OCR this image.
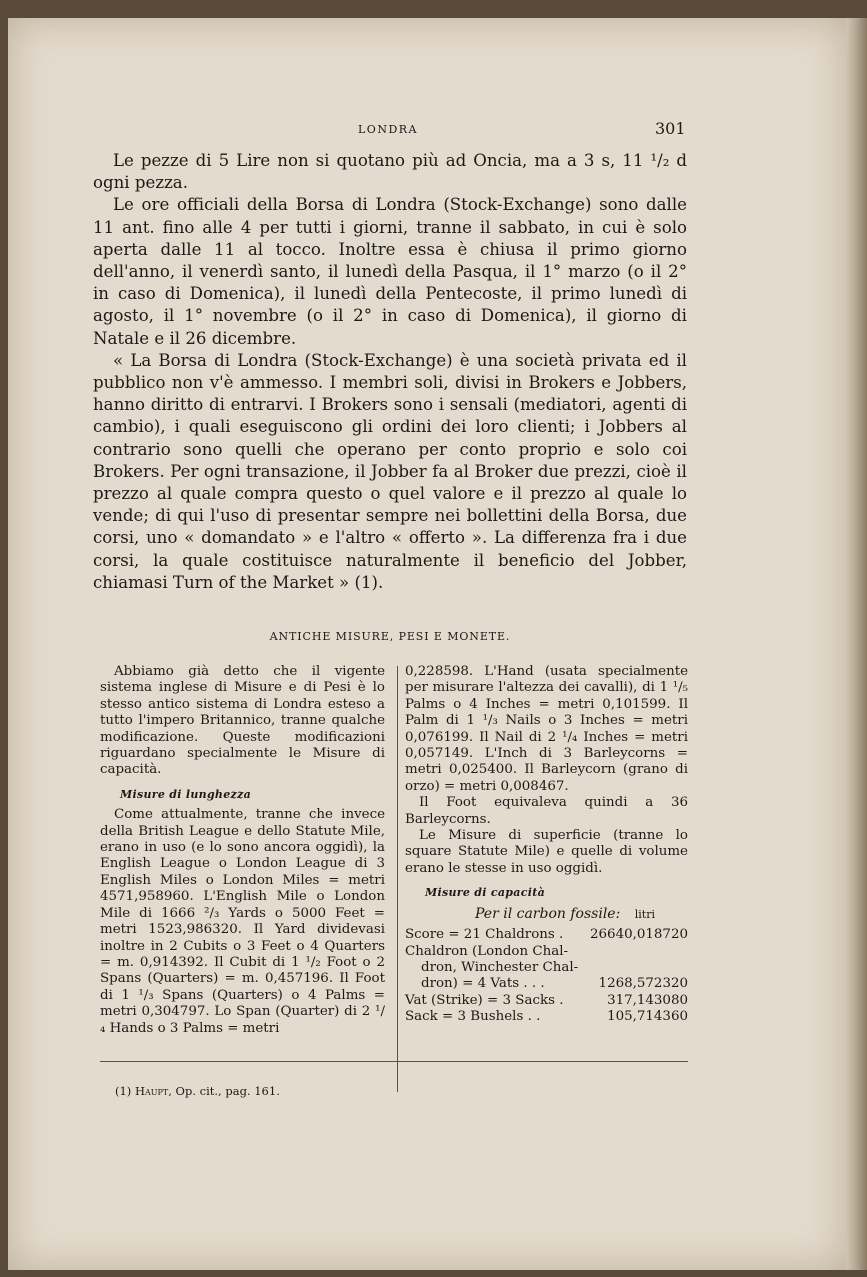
LONDRA	301

Le pezze di 5 Lire non si quotano più ad Oncia, ma a 3 s, 11 ¹/₂ d ogni pezza.

Le ore officiali della Borsa di Londra (Stock-Exchange) sono dalle 11 ant. fino alle 4 per tutti i giorni, tranne il sabbato, in cui è solo aperta dalle 11 al tocco. Inoltre essa è chiusa il primo giorno dell'anno, il venerdì santo, il lunedì della Pasqua, il 1° marzo (o il 2° in caso di Domenica), il lunedì della Pentecoste, il primo lunedì di agosto, il 1° novembre (o il 2° in caso di Domenica), il giorno di Natale e il 26 dicembre.

« La Borsa di Londra (Stock-Exchange) è una società privata ed il pubblico non v'è ammesso. I membri soli, divisi in Brokers e Jobbers, hanno diritto di entrarvi. I Brokers sono i sensali (mediatori, agenti di cambio), i quali eseguiscono gli ordini dei loro clienti; i Jobbers al contrario sono quelli che operano per conto proprio e solo coi Brokers. Per ogni transazione, il Jobber fa al Broker due prezzi, cioè il prezzo al quale compra questo o quel valore e il prezzo al quale lo vende; di qui l'uso di presentar sempre nei bollettini della Borsa, due corsi, uno « domandato » e l'altro « offerto ». La differenza fra i due corsi, la quale costituisce naturalmente il beneficio del Jobber, chiamasi Turn of the Market » (1).

ANTICHE MISURE, PESI E MONETE.

Abbiamo già detto che il vigente sistema inglese di Misure e di Pesi è lo stesso antico sistema di Londra esteso a tutto l'impero Britannico, tranne qualche modificazione. Queste modificazioni riguardano specialmente le Misure di capacità.

Misure di lunghezza

Come attualmente, tranne che invece della British League e dello Statute Mile, erano in uso (e lo sono ancora oggidì), la English League o London League di 3 English Miles o London Miles = metri 4571,958960. L'English Mile o London Mile di 1666 ²/₃ Yards o 5000 Feet = metri 1523,986320. Il Yard dividevasi inoltre in 2 Cubits o 3 Feet o 4 Quarters = m. 0,914392. Il Cubit di 1 ¹/₂ Foot o 2 Spans (Quarters) = m. 0,457196. Il Foot di 1 ¹/₃ Spans (Quarters) o 4 Palms = metri 0,304797. Lo Span (Quarter) di 2 ¹/₄ Hands o 3 Palms = metri

0,228598. L'Hand (usata specialmente per misurare l'altezza dei cavalli), di 1 ¹/₅ Palms o 4 Inches = metri 0,101599. Il Palm di 1 ¹/₃ Nails o 3 Inches = metri 0,076199. Il Nail di 2 ¹/₄ Inches = metri 0,057149. L'Inch di 3 Barleycorns = metri 0,025400. Il Barleycorn (grano di orzo) = metri 0,008467.

Il Foot equivaleva quindi a 36 Barleycorns.

Le Misure di superficie (tranne lo square Statute Mile) e quelle di volume erano le stesse in uso oggidì.

Misure di capacità
Per il carbon fossile: litri
Score = 21 Chaldrons .	26640,018720
Chaldron (London Chal-
dron, Winchester Chal-
dron) = 4 Vats . . .	1268,572320
Vat (Strike) = 3 Sacks .	317,143080
Sack = 3 Bushels . .	105,714360
(1) Haupt, Op. cit., pag. 161.
